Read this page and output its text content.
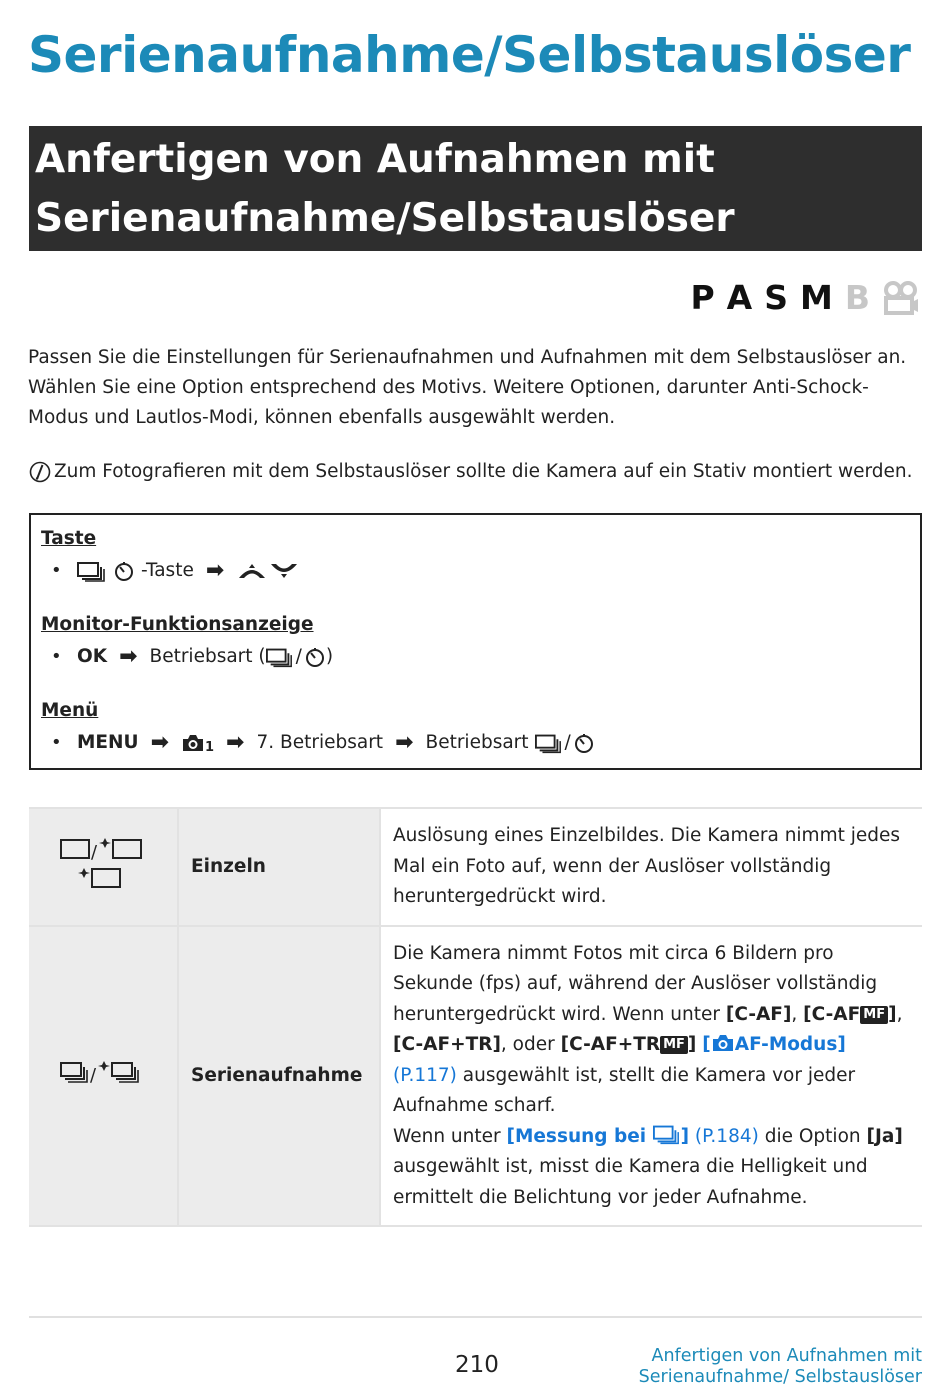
Serienaufnahme/Selbstauslöser
Anfertigen von Aufnahmen mit
Serienaufnahme/Selbstauslöser
P A S M B

Passen Sie die Einstellungen für Serienaufnahmen und Aufnahmen mit dem Selbstauslöser an. Wählen Sie eine Option entsprechend des Motivs. Weitere Optionen, darunter Anti-Schock-Modus und Lautlos-Modi, können ebenfalls ausgewählt werden.

Zum Fotografieren mit dem Selbstauslöser sollte die Kamera auf ein Stativ montiert werden.

Taste

•	-Taste ➡

Monitor-Funktionsanzeige

• OK ➡ Betriebsart ( / )

Menü

• MENU ➡	1 ➡ 7. Betriebsart ➡ Betriebsart /
/	Einzeln	Auslösung eines Einzelbildes. Die Kamera nimmt jedes Mal ein Foto auf, wenn der Auslöser vollständig heruntergedrückt wird.

/	Serienaufnahme	Die Kamera nimmt Fotos mit circa 6 Bildern pro Sekunde (fps) auf, während der Auslöser vollständig heruntergedrückt wird. Wenn unter [C-AF], [C-AF MF ], [C-AF+TR], oder [C-AF+TR MF ] [ AF-Modus] (P.117) ausgewählt ist, stellt die Kamera vor jeder Aufnahme scharf.
Wenn unter [Messung bei ] (P.184) die Option [Ja] ausgewählt ist, misst die Kamera die Helligkeit und ermittelt die Belichtung vor jeder Aufnahme.
210	Anfertigen von Aufnahmen mit Serienaufnahme/ Selbstauslöser
